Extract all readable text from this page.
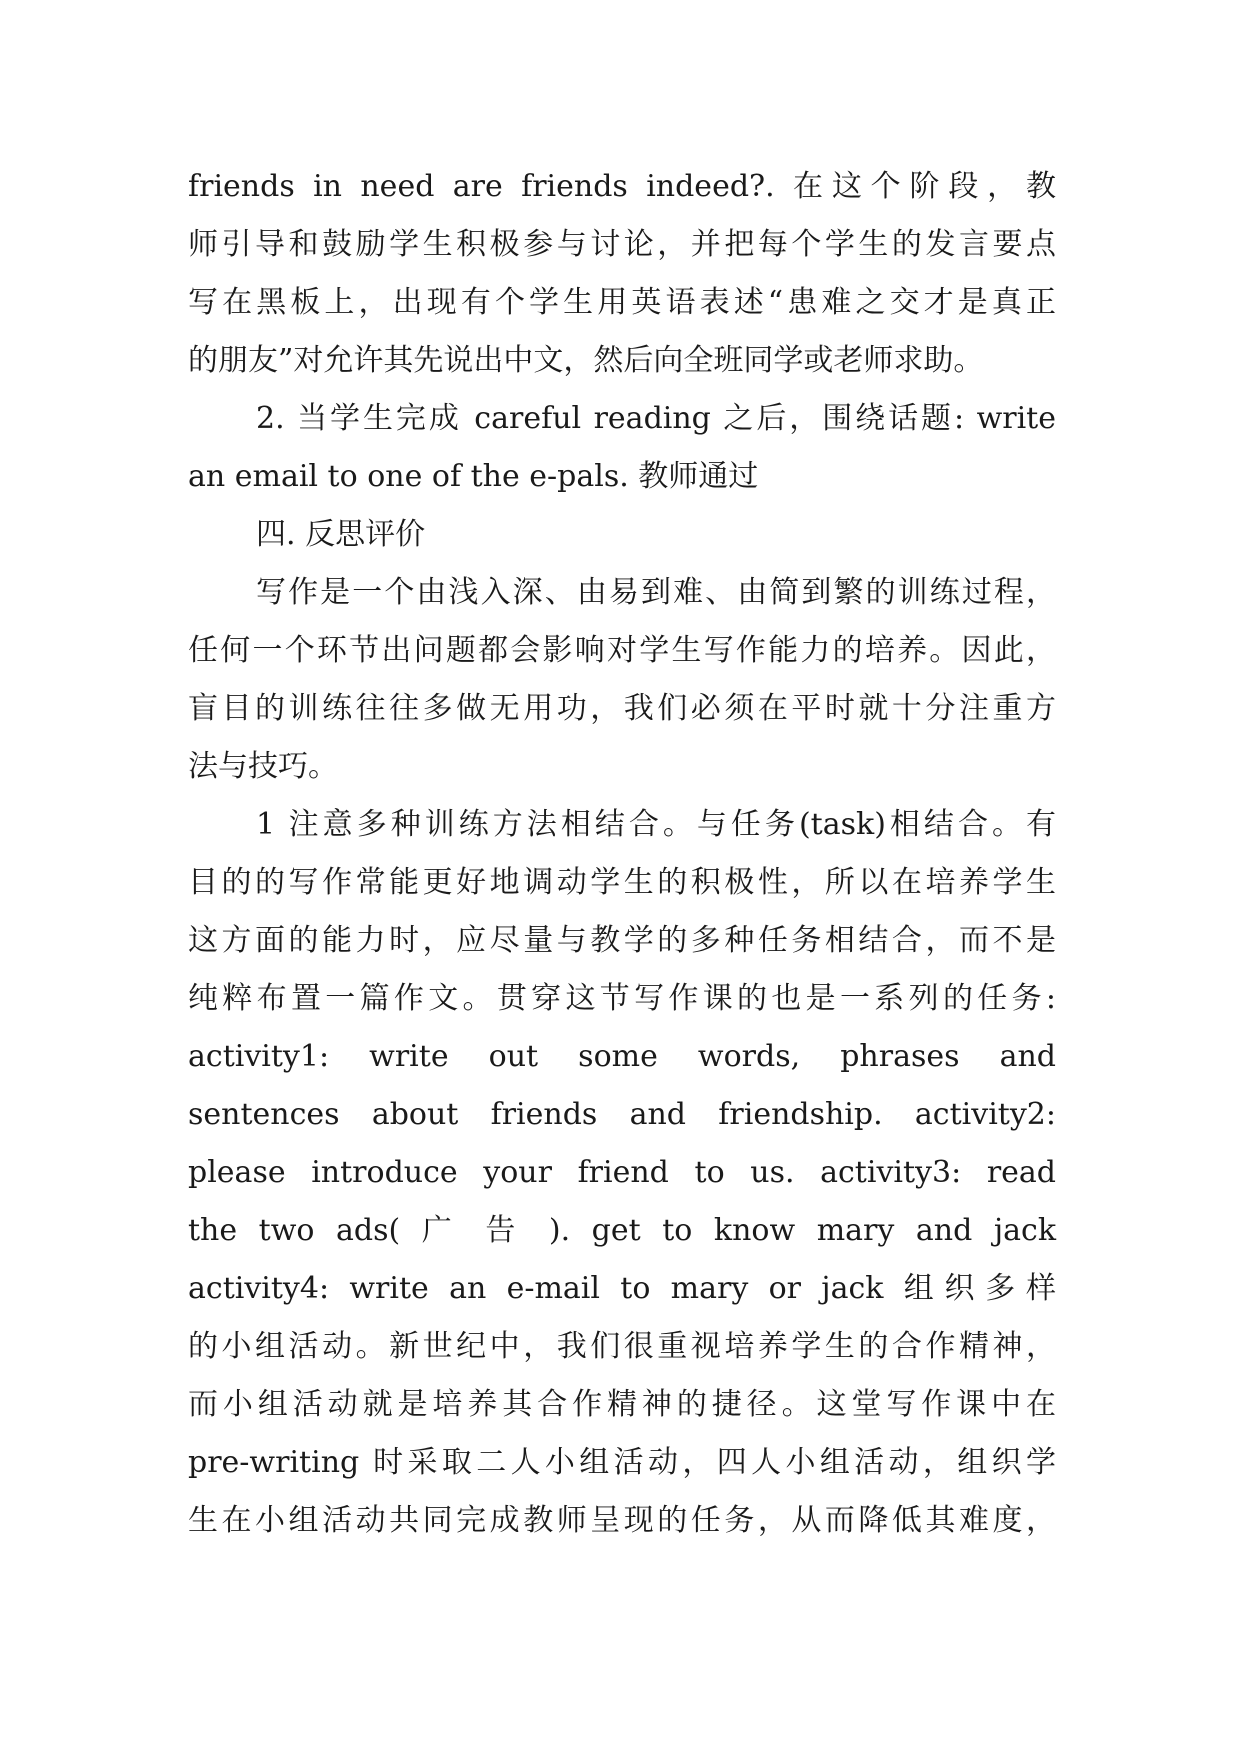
friends in need are friends indeed?. 在这个阶段，教
师引导和鼓励学生积极参与讨论，并把每个学生的发言要点
写在黑板上，出现有个学生用英语表述“患难之交才是真正
的朋友”对允许其先说出中文，然后向全班同学或老师求助。
2. 当学生完成 careful reading 之后，围绕话题: write
an email to one of the e-pals. 教师通过
四. 反思评价
写作是一个由浅入深、由易到难、由简到繁的训练过程，
任何一个环节出问题都会影响对学生写作能力的培养。因此，
盲目的训练往往多做无用功，我们必须在平时就十分注重方
法与技巧。
1 注意多种训练方法相结合。与任务(task)相结合。有
目的的写作常能更好地调动学生的积极性，所以在培养学生
这方面的能力时，应尽量与教学的多种任务相结合，而不是
纯粹布置一篇作文。贯穿这节写作课的也是一系列的任务:
activity1: write out some words, phrases and
sentences about friends and friendship. activity2:
please introduce your friend to us. activity3: read
the two ads( 广 告 ). get to know mary and jack
activity4: write an e-mail to mary or jack 组织多样
的小组活动。新世纪中，我们很重视培养学生的合作精神，
而小组活动就是培养其合作精神的捷径。这堂写作课中在
pre-writing 时采取二人小组活动，四人小组活动，组织学
生在小组活动共同完成教师呈现的任务，从而降低其难度，
